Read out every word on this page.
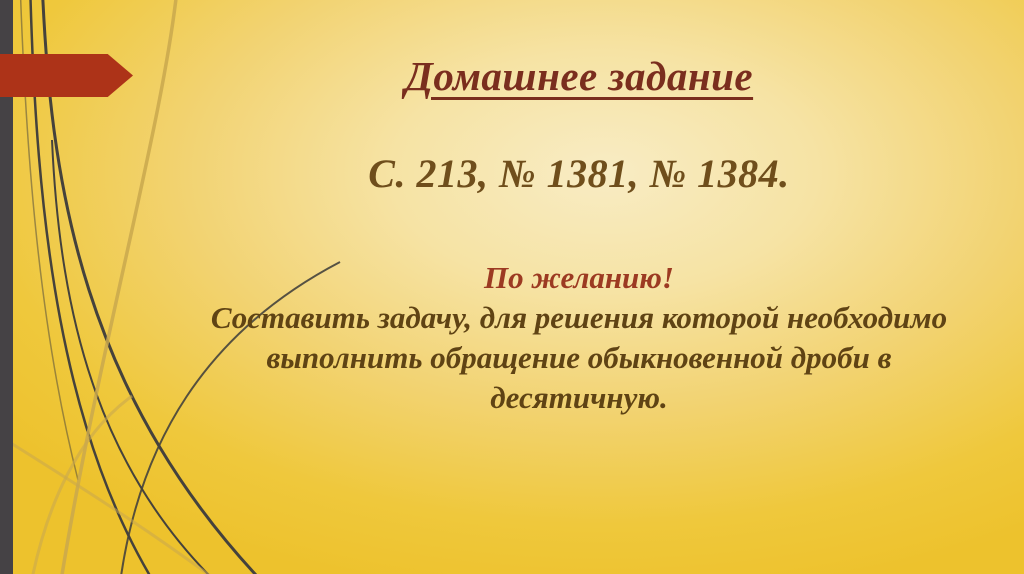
Домашнее задание
С. 213, № 1381, № 1384.
По желанию!
Составить задачу, для решения которой необходимо
выполнить обращение обыкновенной дроби в
десятичную.
